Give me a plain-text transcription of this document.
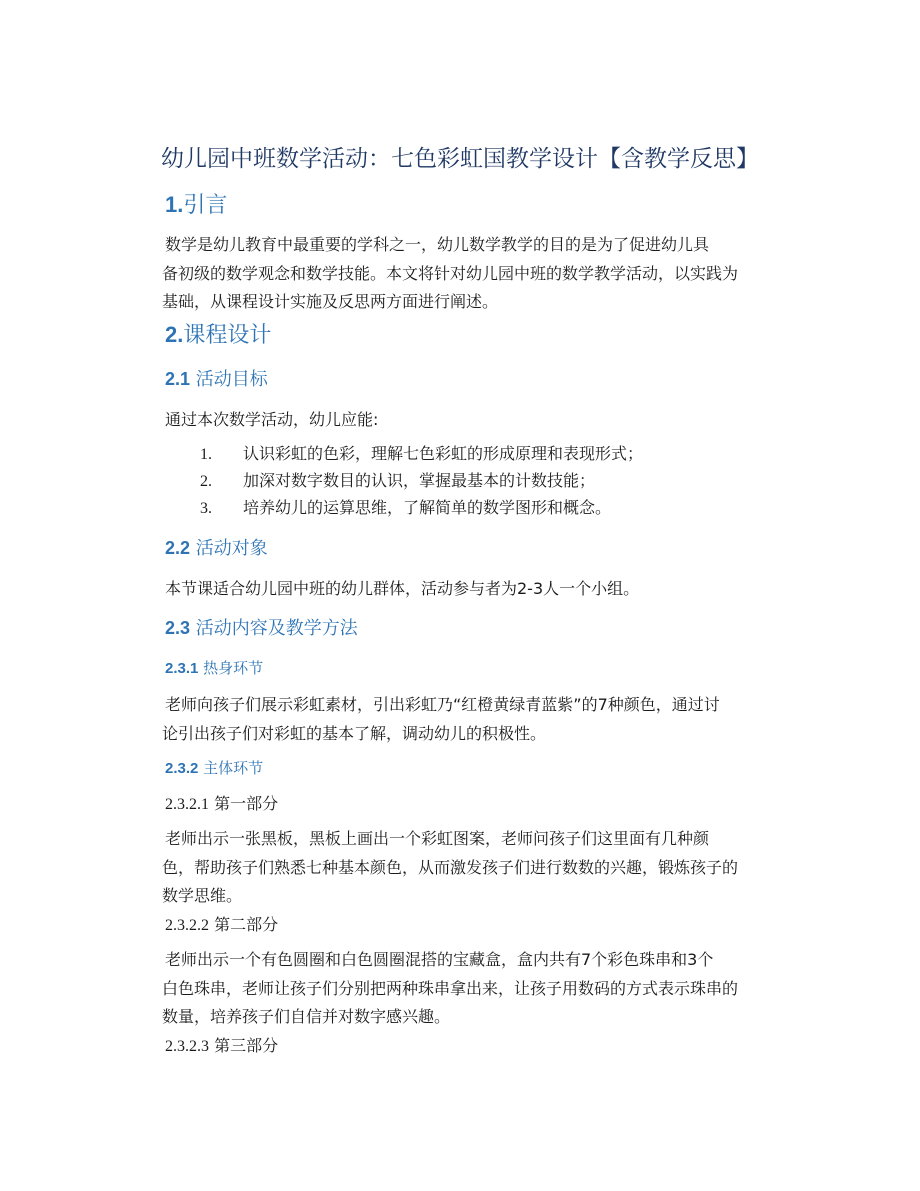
幼儿园中班数学活动：七色彩虹国教学设计【含教学反思】
1.引言
数学是幼儿教育中最重要的学科之一，幼儿数学教学的目的是为了促进幼儿具
备初级的数学观念和数学技能。本文将针对幼儿园中班的数学教学活动，以实践为
基础，从课程设计实施及反思两方面进行阐述。
2.课程设计
2.1 活动目标
通过本次数学活动，幼儿应能:
1. 认识彩虹的色彩，理解七色彩虹的形成原理和表现形式；
2. 加深对数字数目的认识，掌握最基本的计数技能；
3. 培养幼儿的运算思维，了解简单的数学图形和概念。
2.2 活动对象
本节课适合幼儿园中班的幼儿群体，活动参与者为2-3人一个小组。
2.3 活动内容及教学方法
2.3.1 热身环节
老师向孩子们展示彩虹素材，引出彩虹乃“红橙黄绿青蓝紫”的7种颜色，通过讨
论引出孩子们对彩虹的基本了解，调动幼儿的积极性。
2.3.2 主体环节
2.3.2.1 第一部分
老师出示一张黑板，黑板上画出一个彩虹图案，老师问孩子们这里面有几种颜
色，帮助孩子们熟悉七种基本颜色，从而激发孩子们进行数数的兴趣，锻炼孩子的
数学思维。
2.3.2.2 第二部分
老师出示一个有色圆圈和白色圆圈混搭的宝藏盒，盒内共有7个彩色珠串和3个
白色珠串，老师让孩子们分别把两种珠串拿出来，让孩子用数码的方式表示珠串的
数量，培养孩子们自信并对数字感兴趣。
2.3.2.3 第三部分
